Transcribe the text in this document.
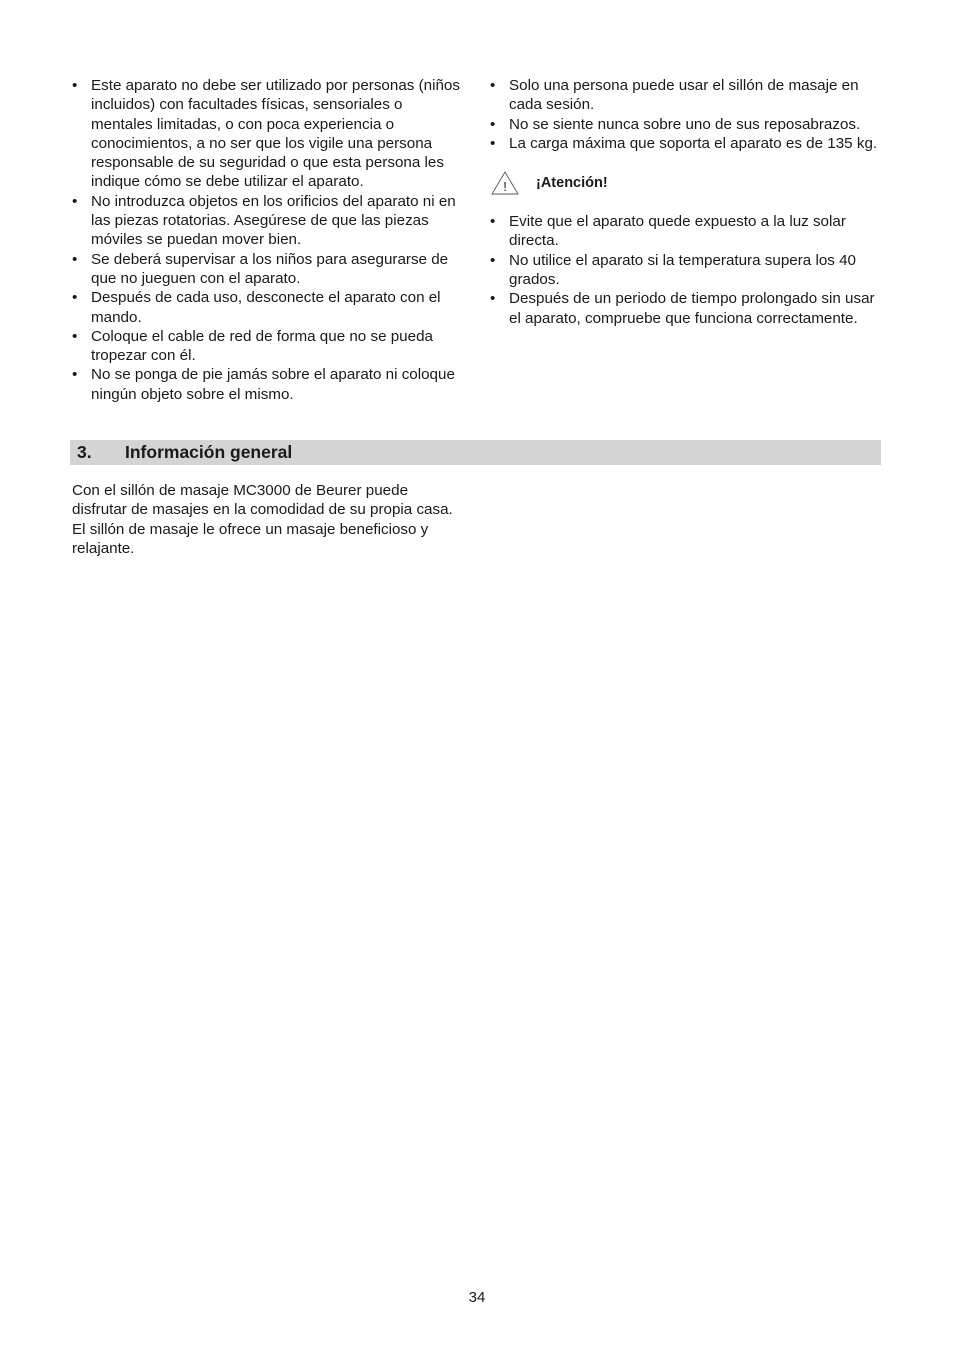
• Este aparato no debe ser utilizado por personas (niños incluidos) con facultades físicas, sensoriales o mentales limitadas, o con poca experiencia o conocimientos, a no ser que los vigile una persona responsable de su seguridad o que esta persona les indique cómo se debe utilizar el aparato.
• No introduzca objetos en los orificios del aparato ni en las piezas rotatorias. Asegúrese de que las piezas móviles se puedan mover bien.
• Se deberá supervisar a los niños para asegurarse de que no jueguen con el aparato.
• Después de cada uso, desconecte el aparato con el mando.
• Coloque el cable de red de forma que no se pueda tropezar con él.
• No se ponga de pie jamás sobre el aparato ni coloque ningún objeto sobre el mismo.
• Solo una persona puede usar el sillón de masaje en cada sesión.
• No se siente nunca sobre uno de sus reposabrazos.
• La carga máxima que soporta el aparato es de 135 kg.
! ¡Atención!
• Evite que el aparato quede expuesto a la luz solar directa.
• No utilice el aparato si la temperatura supera los 40 grados.
• Después de un periodo de tiempo prolongado sin usar el aparato, compruebe que funciona correctamente.
3. Información general

Con el sillón de masaje MC3000 de Beurer puede disfrutar de masajes en la comodidad de su propia casa.

El sillón de masaje le ofrece un masaje beneficioso y relajante.

34
